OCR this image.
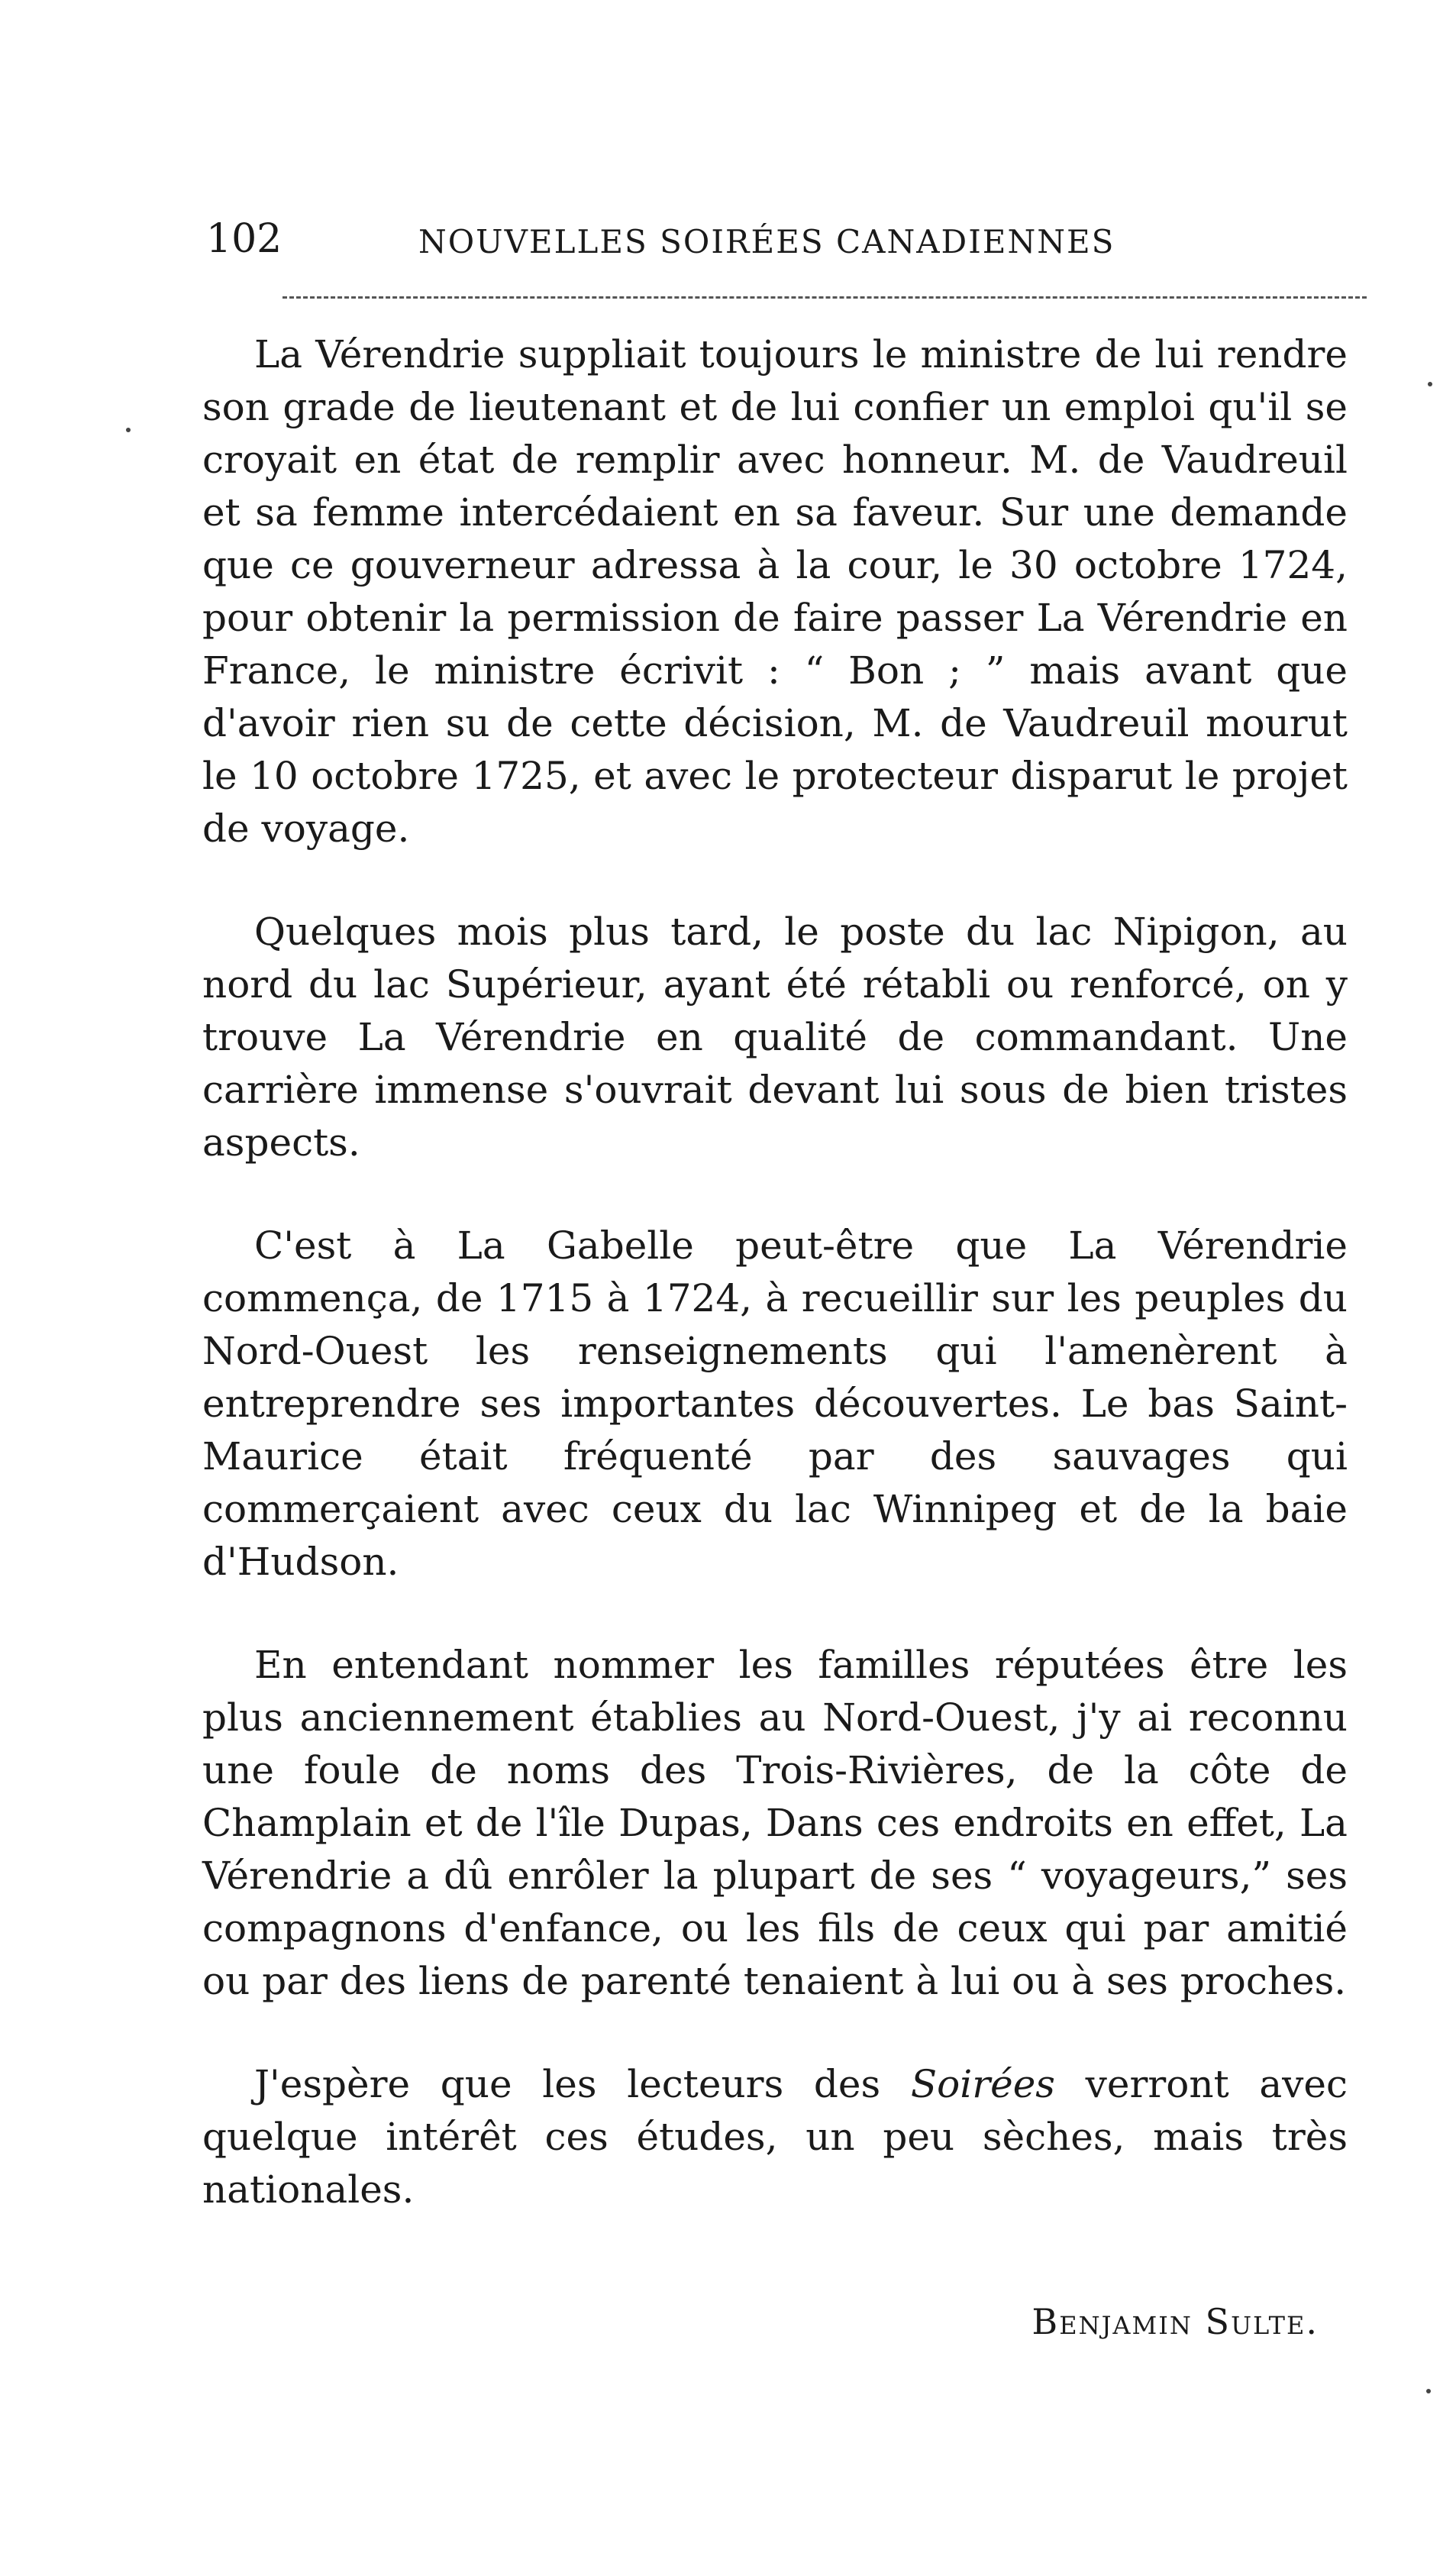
102	NOUVELLES SOIRÉES CANADIENNES

La Vérendrie suppliait toujours le ministre de lui rendre son grade de lieutenant et de lui confier un emploi qu'il se croyait en état de remplir avec honneur. M. de Vaudreuil et sa femme intercédaient en sa faveur. Sur une demande que ce gouverneur adressa à la cour, le 30 octobre 1724, pour obtenir la permission de faire passer La Vérendrie en France, le ministre écrivit : “ Bon ; ” mais avant que d'avoir rien su de cette décision, M. de Vaudreuil mourut le 10 octobre 1725, et avec le protecteur disparut le projet de voyage.

Quelques mois plus tard, le poste du lac Nipigon, au nord du lac Supérieur, ayant été rétabli ou renforcé, on y trouve La Vérendrie en qualité de commandant. Une carrière immense s'ouvrait devant lui sous de bien tristes aspects.

C'est à La Gabelle peut-être que La Vérendrie commença, de 1715 à 1724, à recueillir sur les peuples du Nord-Ouest les renseignements qui l'amenèrent à entreprendre ses importantes découvertes. Le bas Saint-Maurice était fréquenté par des sauvages qui commerçaient avec ceux du lac Winnipeg et de la baie d'Hudson.

En entendant nommer les familles réputées être les plus anciennement établies au Nord-Ouest, j'y ai reconnu une foule de noms des Trois-Rivières, de la côte de Champlain et de l'île Dupas, Dans ces endroits en effet, La Vérendrie a dû enrôler la plupart de ses “ voyageurs,” ses compagnons d'enfance, ou les fils de ceux qui par amitié ou par des liens de parenté tenaient à lui ou à ses proches.

J'espère que les lecteurs des Soirées verront avec quelque intérêt ces études, un peu sèches, mais très nationales.

Benjamin Sulte.
